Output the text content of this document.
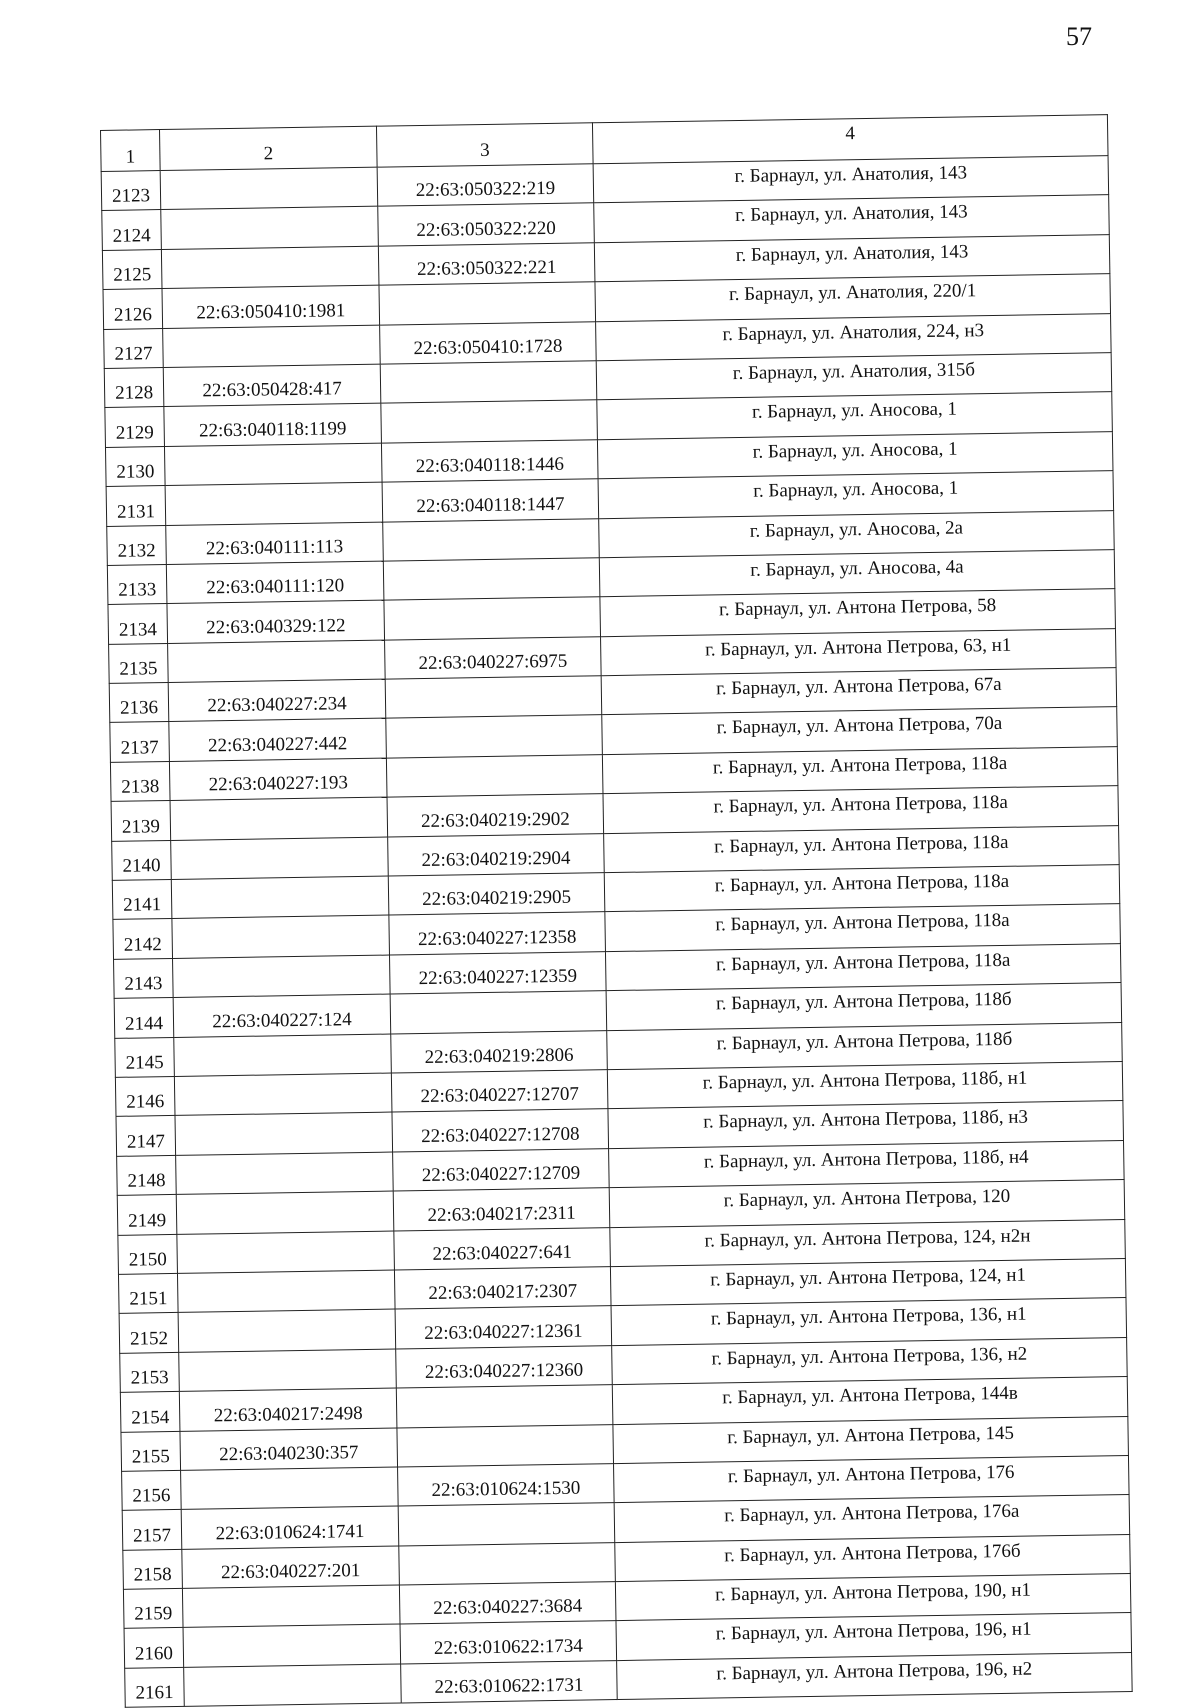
57
1	2	3	4
2123		22:63:050322:219	г. Барнаул, ул. Анатолия, 143
2124		22:63:050322:220	г. Барнаул, ул. Анатолия, 143
2125		22:63:050322:221	г. Барнаул, ул. Анатолия, 143
2126	22:63:050410:1981		г. Барнаул, ул. Анатолия, 220/1
2127		22:63:050410:1728	г. Барнаул, ул. Анатолия, 224, н3
2128	22:63:050428:417		г. Барнаул, ул. Анатолия, 315б
2129	22:63:040118:1199		г. Барнаул, ул. Аносова, 1
2130		22:63:040118:1446	г. Барнаул, ул. Аносова, 1
2131		22:63:040118:1447	г. Барнаул, ул. Аносова, 1
2132	22:63:040111:113		г. Барнаул, ул. Аносова, 2а
2133	22:63:040111:120		г. Барнаул, ул. Аносова, 4а
2134	22:63:040329:122		г. Барнаул, ул. Антона Петрова, 58
2135		22:63:040227:6975	г. Барнаул, ул. Антона Петрова, 63, н1
2136	22:63:040227:234		г. Барнаул, ул. Антона Петрова, 67а
2137	22:63:040227:442		г. Барнаул, ул. Антона Петрова, 70а
2138	22:63:040227:193		г. Барнаул, ул. Антона Петрова, 118а
2139		22:63:040219:2902	г. Барнаул, ул. Антона Петрова, 118а
2140		22:63:040219:2904	г. Барнаул, ул. Антона Петрова, 118а
2141		22:63:040219:2905	г. Барнаул, ул. Антона Петрова, 118а
2142		22:63:040227:12358	г. Барнаул, ул. Антона Петрова, 118а
2143		22:63:040227:12359	г. Барнаул, ул. Антона Петрова, 118а
2144	22:63:040227:124		г. Барнаул, ул. Антона Петрова, 118б
2145		22:63:040219:2806	г. Барнаул, ул. Антона Петрова, 118б
2146		22:63:040227:12707	г. Барнаул, ул. Антона Петрова, 118б, н1
2147		22:63:040227:12708	г. Барнаул, ул. Антона Петрова, 118б, н3
2148		22:63:040227:12709	г. Барнаул, ул. Антона Петрова, 118б, н4
2149		22:63:040217:2311	г. Барнаул, ул. Антона Петрова, 120
2150		22:63:040227:641	г. Барнаул, ул. Антона Петрова, 124, н2н
2151		22:63:040217:2307	г. Барнаул, ул. Антона Петрова, 124, н1
2152		22:63:040227:12361	г. Барнаул, ул. Антона Петрова, 136, н1
2153		22:63:040227:12360	г. Барнаул, ул. Антона Петрова, 136, н2
2154	22:63:040217:2498		г. Барнаул, ул. Антона Петрова, 144в
2155	22:63:040230:357		г. Барнаул, ул. Антона Петрова, 145
2156		22:63:010624:1530	г. Барнаул, ул. Антона Петрова, 176
2157	22:63:010624:1741		г. Барнаул, ул. Антона Петрова, 176а
2158	22:63:040227:201		г. Барнаул, ул. Антона Петрова, 176б
2159		22:63:040227:3684	г. Барнаул, ул. Антона Петрова, 190, н1
2160		22:63:010622:1734	г. Барнаул, ул. Антона Петрова, 196, н1
2161		22:63:010622:1731	г. Барнаул, ул. Антона Петрова, 196, н2
